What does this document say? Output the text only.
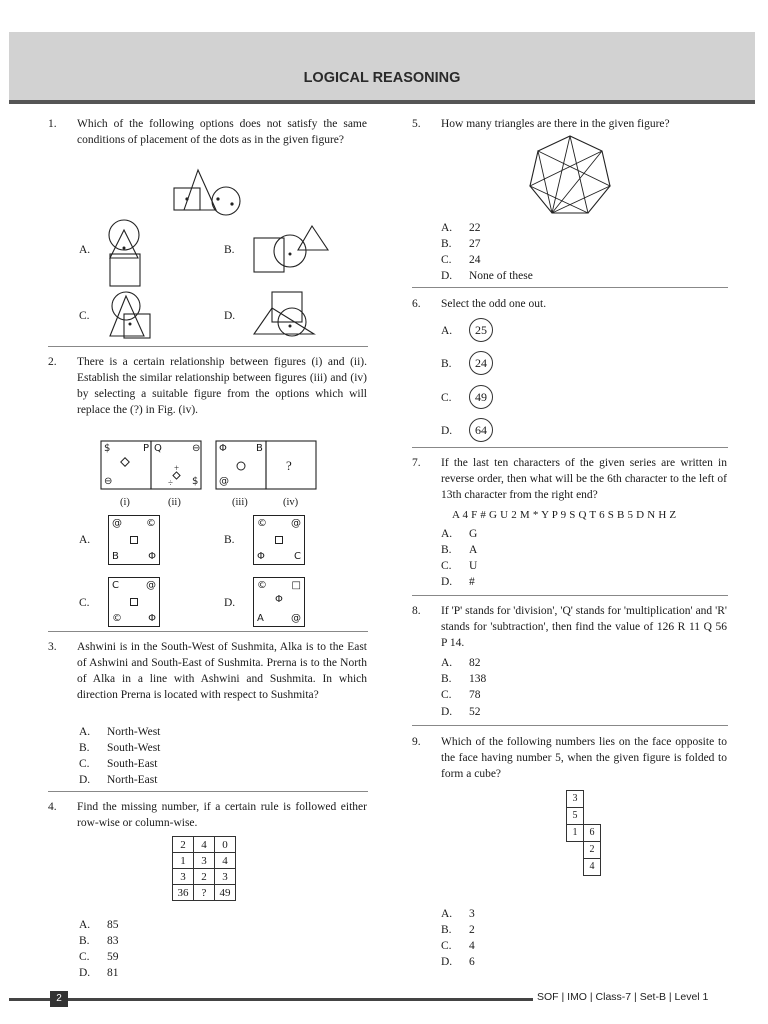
LOGICAL REASONING
1. Which of the following options does not satisfy the same conditions of placement of the dots as in the given figure?
A.	B.
C.	D.
2. There is a certain relationship between figures (i) and (ii). Establish the similar relationship between figures (iii) and (iv) by selecting a suitable figure from the options which will replace the (?) in Fig. (iv).
+
÷
$	P Q	⊖
⊖	$
Φ	B
@
?
(i)	(ii)	(iii)	(iv)
A.
@ ©
B	Φ
B.
© @
Φ	C
C.
C	@
©	Φ
D.
© □
Φ
A	@
3. Ashwini is in the South-West of Sushmita, Alka is to the East of Ashwini and South-East of Sushmita. Prerna is to the North of Alka in a line with Ashwini and Sushmita. In which direction Prerna is located with respect to Sushmita?
A. North-West
B. South-West
C. South-East
D. North-East
4. Find the missing number, if a certain rule is followed either row-wise or column-wise.
2	4	0
1	3	4
3	2	3
36	?	49
A. 85
B. 83
C. 59
D. 81
5. How many triangles are there in the given figure?
A. 22
B. 27
C. 24
D. None of these
6. Select the odd one out.
A. 25
B. 24
C. 49
D. 64
7. If the last ten characters of the given series are written in reverse order, then what will be the 6th character to the left of 13th character from the right end?
A 4 F # G U 2 M * Y P 9 S Q T 6 S B 5 D N H Z
A. G
B. A
C. U
D. #
8. If 'P' stands for 'division', 'Q' stands for 'multiplication' and 'R' stands for 'subtraction', then find the value of 126 R 11 Q 56 P 14.
A. 82
B. 138
C. 78
D. 52
9. Which of the following numbers lies on the face opposite to the face having number 5, when the given figure is folded to form a cube?
3
5
1	6
2
4
A. 3
B. 2
C. 4
D. 6
2	SOF | IMO | Class-7 | Set-B | Level 1
